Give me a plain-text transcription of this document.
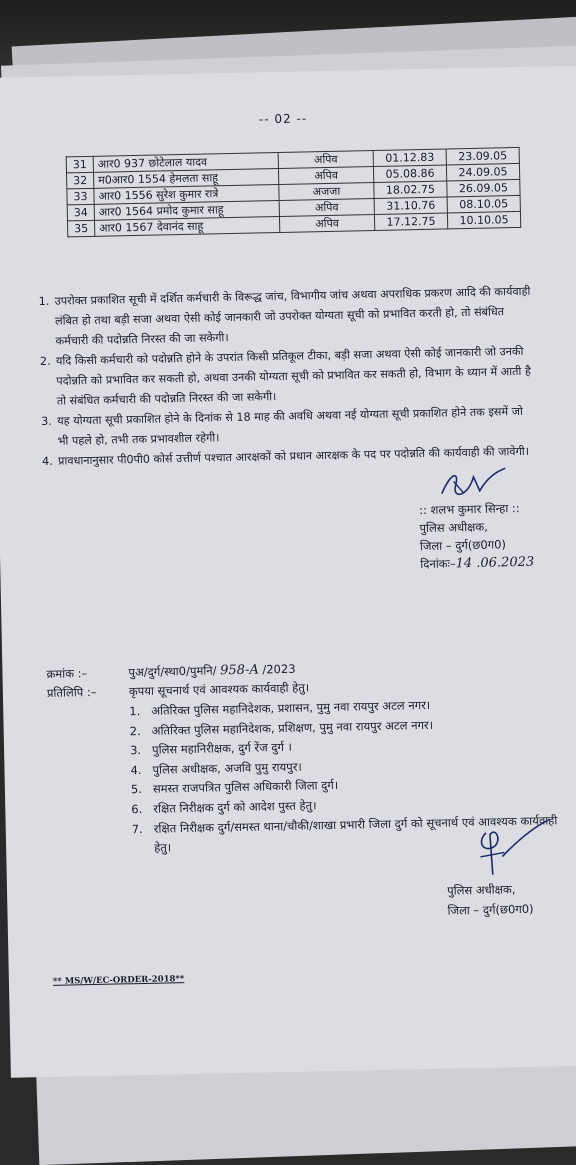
-- 02 --
31	आर0 937 छोटेलाल यादव	अपिव	01.12.83	23.09.05
32	म0आर0 1554 हेमलता साहू	अपिव	05.08.86	24.09.05
33	आर0 1556 सुरेश कुमार रात्रे	अजजा	18.02.75	26.09.05
34	आर0 1564 प्रमोद कुमार साहू	अपिव	31.10.76	08.10.05
35	आर0 1567 देवानंद साहू	अपिव	17.12.75	10.10.05
1. उपरोक्त प्रकाशित सूची में दर्शित कर्मचारी के विरूद्ध जांच, विभागीय जांच अथवा अपराधिक प्रकरण आदि की कार्यवाही लंबित हो तथा बड़ी सजा अथवा ऐसी कोई जानकारी जो उपरोक्त योग्यता सूची को प्रभावित करती हो, तो संबंधित कर्मचारी की पदोन्नति निरस्त की जा सकेगी।
2. यदि किसी कर्मचारी को पदोन्नति होने के उपरांत किसी प्रतिकूल टीका, बड़ी सजा अथवा ऐसी कोई जानकारी जो उनकी पदोन्नति को प्रभावित कर सकती हो, अथवा उनकी योग्यता सूची को प्रभावित कर सकती हो, विभाग के ध्यान में आती है तो संबंधित कर्मचारी की पदोन्नति निरस्त की जा सकेगी।
3. यह योग्यता सूची प्रकाशित होने के दिनांक से 18 माह की अवधि अथवा नई योग्यता सूची प्रकाशित होने तक इसमें जो भी पहले हो, तभी तक प्रभावशील रहेगी।
4. प्रावधानानुसार पी0पी0 कोर्स उत्तीर्ण पश्चात आरक्षकों को प्रधान आरक्षक के पद पर पदोन्नति की कार्यवाही की जावेगी।
:: शलभ कुमार सिन्हा ::
पुलिस अधीक्षक,
जिला – दुर्ग(छ0ग0)
दिनांकः–14 .06.2023
क्रमांक :–	पुअ/दुर्ग/स्था0/पुमनि/ 958-A /2023
प्रतिलिपि :–	कृपया सूचनार्थ एवं आवश्यक कार्यवाही हेतु।
1. अतिरिक्त पुलिस महानिदेशक, प्रशासन, पुमु नवा रायपुर अटल नगर।
2. अतिरिक्त पुलिस महानिदेशक, प्रशिक्षण, पुमु नवा रायपुर अटल नगर।
3. पुलिस महानिरीक्षक, दुर्ग रेंज दुर्ग ।
4. पुलिस अधीक्षक, अजवि पुमु रायपुर।
5. समस्त राजपत्रित पुलिस अधिकारी जिला दुर्ग।
6. रक्षित निरीक्षक दुर्ग को आदेश पुस्त हेतु।
7. रक्षित निरीक्षक दुर्ग/समस्त थाना/चौकी/शाखा प्रभारी जिला दुर्ग को सूचनार्थ एवं आवश्यक कार्यवाही हेतु।
पुलिस अधीक्षक,
जिला – दुर्ग(छ0ग0)
** MS/W/EC-ORDER-2018**
